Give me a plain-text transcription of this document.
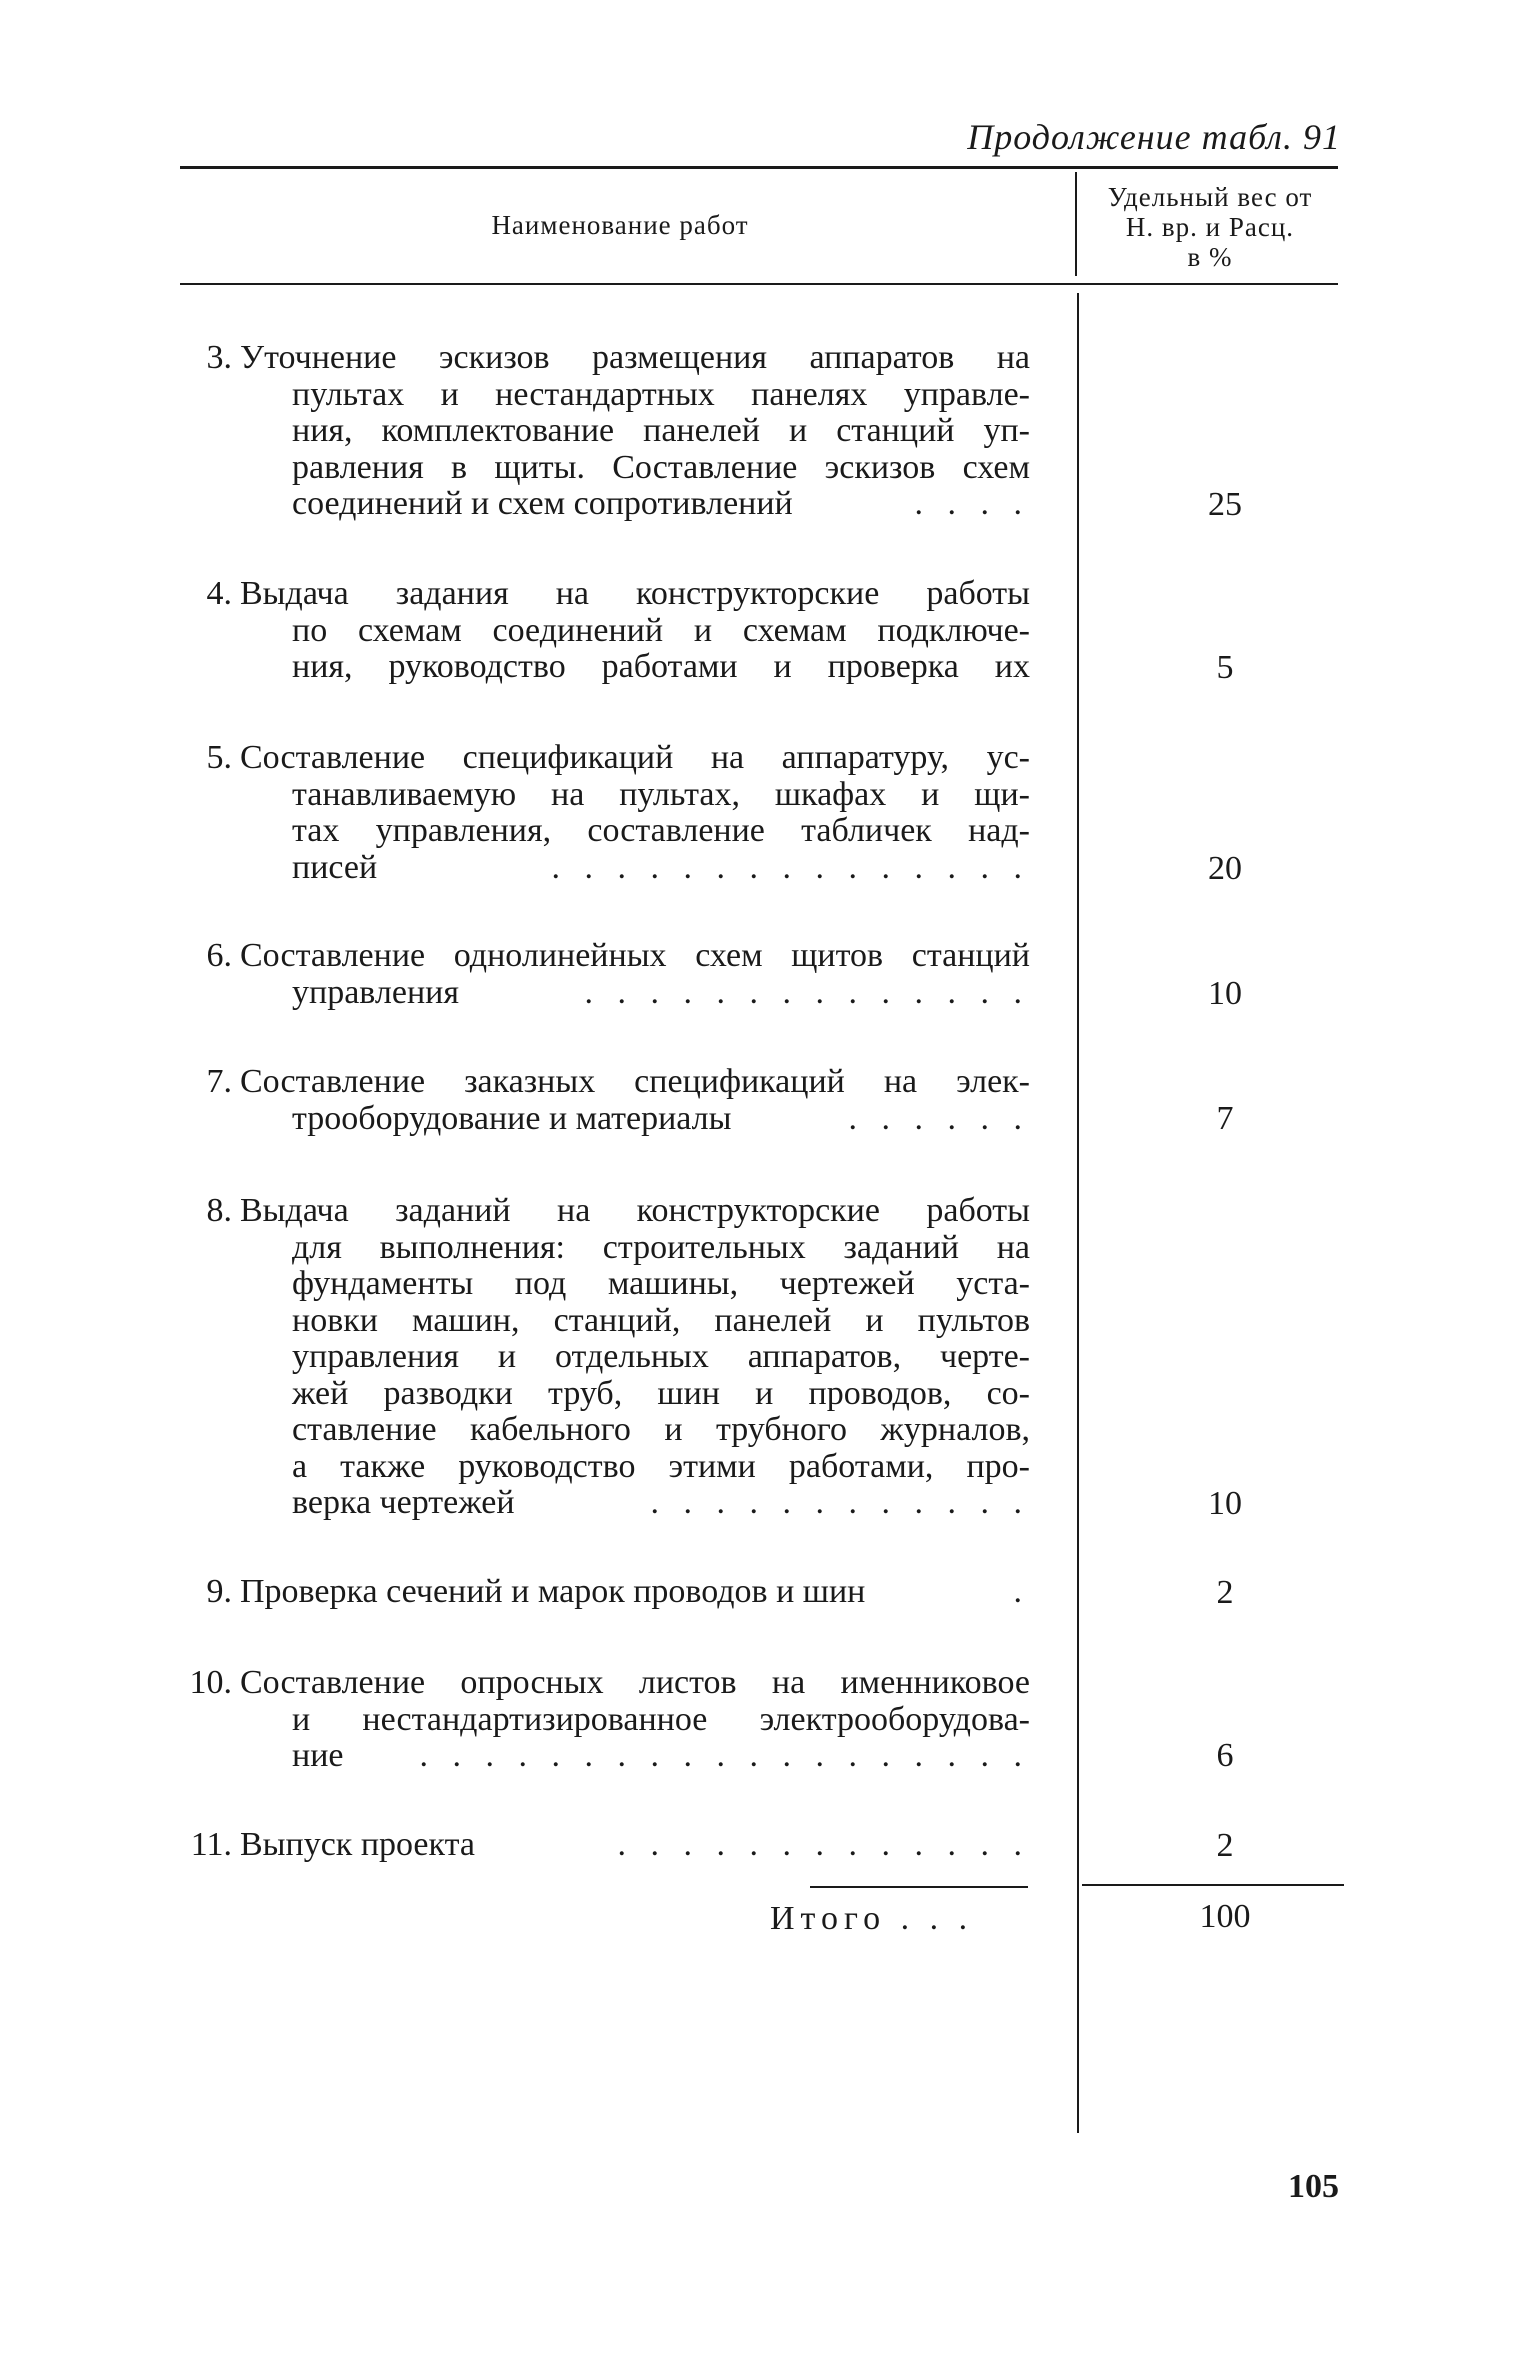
Продолжение табл. 91
Наименование работ
Удельный вес от
Н. вр. и Расц.
в %
3. Уточнение эскизов размещения аппаратов на
пультах и нестандартных панелях управле-
ния, комплектование панелей и станций уп-
равления в щиты. Составление эскизов схем
соединений и схем сопротивлений	. . . .	25
4. Выдача задания на конструкторские работы
по схемам соединений и схемам подключе-
ния, руководство работами и проверка их	5
5. Составление спецификаций на аппаратуру, ус-
танавливаемую на пультах, шкафах и щи-
тах управления, составление табличек над-
писей	. . . . . . . . . . . . . . .	20
6. Составление однолинейных схем щитов станций
управления	. . . . . . . . . . . . . .	10
7. Составление заказных спецификаций на элек-
трооборудование и материалы	. . . . . .	7
8. Выдача заданий на конструкторские работы
для выполнения: строительных заданий на
фундаменты под машины, чертежей уста-
новки машин, станций, панелей и пультов
управления и отдельных аппаратов, черте-
жей разводки труб, шин и проводов, со-
ставление кабельного и трубного журналов,
а также руководство этими работами, про-
верка чертежей	. . . . . . . . . . . .	10
9. Проверка сечений и марок проводов и шин	.	2
10. Составление опросных листов на именниковое
и нестандартизированное электрооборудова-
ние	. . . . . . . . . . . . . . . . . . .	6
11. Выпуск проекта	. . . . . . . . . . . . .	2
Итого . . .	100
105
